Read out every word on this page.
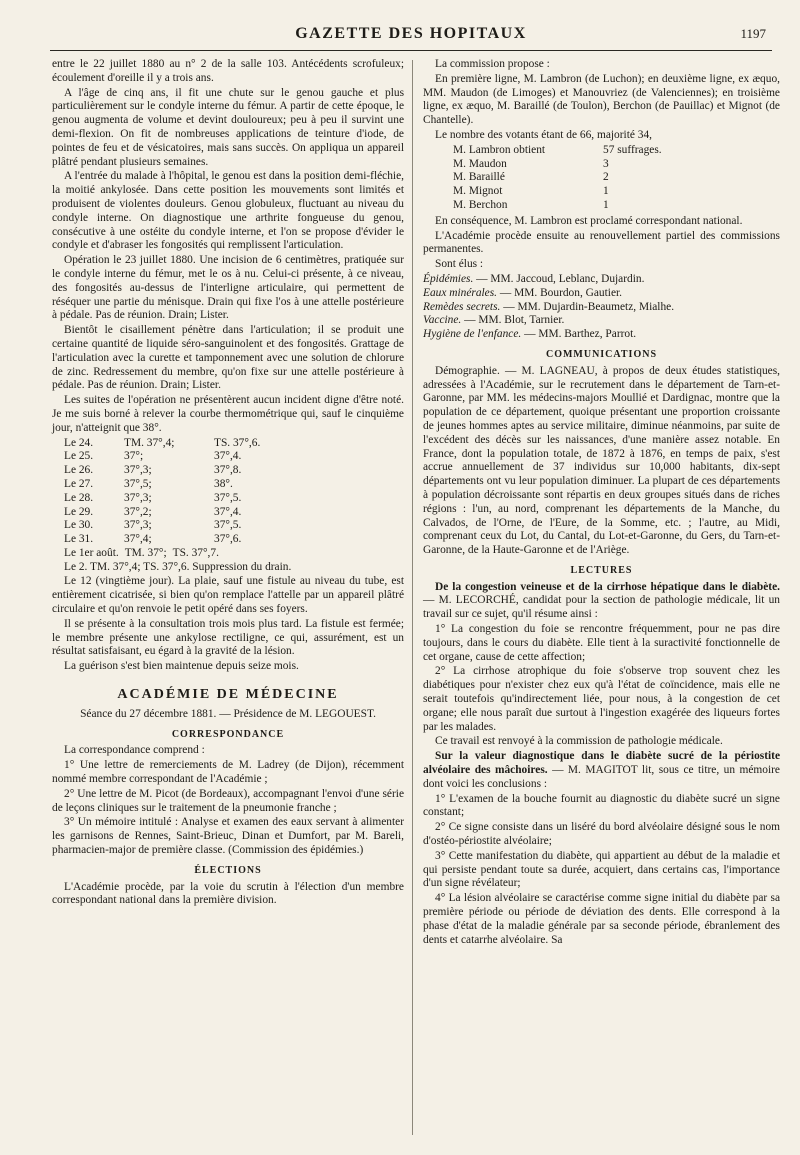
GAZETTE DES HOPITAUX	1197

entre le 22 juillet 1880 au n° 2 de la salle 103. Antécédents scrofuleux; écoulement d'oreille il y a trois ans.

A l'âge de cinq ans, il fit une chute sur le genou gauche et plus particulièrement sur le condyle interne du fémur. A partir de cette époque, le genou augmenta de volume et devint douloureux; peu à peu il survint une demi-flexion. On fit de nombreuses applications de teinture d'iode, de pointes de feu et de vésicatoires, mais sans succès. On appliqua un appareil plâtré pendant plusieurs semaines.

A l'entrée du malade à l'hôpital, le genou est dans la position demi-fléchie, la moitié ankylosée. Dans cette position les mouvements sont limités et produisent de violentes douleurs. Genou globuleux, fluctuant au niveau du condyle interne. On diagnostique une arthrite fongueuse du genou, consécutive à une ostéite du condyle interne, et l'on se propose d'évider le condyle et d'abraser les fongosités qui remplissent l'articulation.

Opération le 23 juillet 1880. Une incision de 6 centimètres, pratiquée sur le condyle interne du fémur, met le os à nu. Celui-ci présente, à ce niveau, des fongosités au-dessus de l'interligne articulaire, qui permettent de réséquer une partie du ménisque. Drain qui fixe l'os à une attelle postérieure à pédale. Pas de réunion. Drain; Lister.

Bientôt le cisaillement pénètre dans l'articulation; il se produit une certaine quantité de liquide séro-sanguinolent et des fongosités. Grattage de l'articulation avec la curette et tamponnement avec une solution de chlorure de zinc. Redressement du membre, qu'on fixe sur une attelle postérieure à pédale. Pas de réunion. Drain; Lister.

Les suites de l'opération ne présentèrent aucun incident digne d'être noté. Je me suis borné à relever la courbe thermométrique qui, sauf le cinquième jour, n'atteignit que 38°.

Le 24.	TM. 37°,4;	TS. 37°,6.
Le 25.	37°;	37°,4.
Le 26.	37°,3;	37°,8.
Le 27.	37°,5;	38°.
Le 28.	37°,3;	37°,5.
Le 29.	37°,2;	37°,4.
Le 30.	37°,3;	37°,5.
Le 31.	37°,4;	37°,6.
Le 1er août. TM. 37°; TS. 37°,7.

Le 2. TM. 37°,4; TS. 37°,6. Suppression du drain.

Le 12 (vingtième jour). La plaie, sauf une fistule au niveau du tube, est entièrement cicatrisée, si bien qu'on remplace l'attelle par un appareil plâtré circulaire et qu'on renvoie le petit opéré dans ses foyers.

Il se présente à la consultation trois mois plus tard. La fistule est fermée; le membre présente une ankylose rectiligne, ce qui, assurément, est un résultat satisfaisant, eu égard à la gravité de la lésion.

La guérison s'est bien maintenue depuis seize mois.

ACADÉMIE DE MÉDECINE
Séance du 27 décembre 1881. — Présidence de M. LEGOUEST.
CORRESPONDANCE

La correspondance comprend :

1° Une lettre de remerciements de M. Ladrey (de Dijon), récemment nommé membre correspondant de l'Académie ;

2° Une lettre de M. Picot (de Bordeaux), accompagnant l'envoi d'une série de leçons cliniques sur le traitement de la pneumonie franche ;

3° Un mémoire intitulé : Analyse et examen des eaux servant à alimenter les garnisons de Rennes, Saint-Brieuc, Dinan et Dumfort, par M. Bareli, pharmacien-major de première classe. (Commission des épidémies.)

ÉLECTIONS

L'Académie procède, par la voie du scrutin à l'élection d'un membre correspondant national dans la première division.

La commission propose :

En première ligne, M. Lambron (de Luchon); en deuxième ligne, ex æquo, MM. Maudon (de Limoges) et Manouvriez (de Valenciennes); en troisième ligne, ex æquo, M. Baraillé (de Toulon), Berchon (de Pauillac) et Mignot (de Chantelle).

Le nombre des votants étant de 66, majorité 34,

M. Lambron obtient	57 suffrages.
M. Maudon	3
M. Baraillé	2
M. Mignot	1
M. Berchon	1

En conséquence, M. Lambron est proclamé correspondant national.

L'Académie procède ensuite au renouvellement partiel des commissions permanentes.

Sont élus :

Épidémies. — MM. Jaccoud, Leblanc, Dujardin.
Eaux minérales. — MM. Bourdon, Gautier.
Remèdes secrets. — MM. Dujardin-Beaumetz, Mialhe.
Vaccine. — MM. Blot, Tarnier.
Hygiène de l'enfance. — MM. Barthez, Parrot.
COMMUNICATIONS

Démographie. — M. LAGNEAU, à propos de deux études statistiques, adressées à l'Académie, sur le recrutement dans le département de Tarn-et-Garonne, par MM. les médecins-majors Moullié et Dardignac, montre que la population de ce département, quoique présentant une proportion croissante de jeunes hommes aptes au service militaire, diminue néanmoins, par suite de l'excédent des décès sur les naissances, d'une manière assez notable. En France, dont la population totale, de 1872 à 1876, en temps de paix, s'est accrue annuellement de 37 individus sur 10,000 habitants, dix-sept départements ont vu leur population diminuer. La plupart de ces départements à population décroissante sont répartis en deux groupes situés dans de riches régions : l'un, au nord, comprenant les départements de la Manche, du Calvados, de l'Orne, de l'Eure, de la Somme, etc. ; l'autre, au Midi, comprenant ceux du Lot, du Cantal, du Lot-et-Garonne, du Gers, du Tarn-et-Garonne, de la Haute-Garonne et de l'Ariège.

LECTURES

De la congestion veineuse et de la cirrhose hépatique dans le diabète. — M. LECORCHÉ, candidat pour la section de pathologie médicale, lit un travail sur ce sujet, qu'il résume ainsi :

1° La congestion du foie se rencontre fréquemment, pour ne pas dire toujours, dans le cours du diabète. Elle tient à la suractivité fonctionnelle de cet organe, cause de cette affection;

2° La cirrhose atrophique du foie s'observe trop souvent chez les diabétiques pour n'exister chez eux qu'à l'état de coïncidence, mais elle ne serait toutefois qu'indirectement liée, pour nous, à la congestion de cet organe; elle nous paraît due surtout à l'ingestion exagérée des liqueurs fortes par les malades.

Ce travail est renvoyé à la commission de pathologie médicale.

Sur la valeur diagnostique dans le diabète sucré de la périostite alvéolaire des mâchoires. — M. MAGITOT lit, sous ce titre, un mémoire dont voici les conclusions :

1° L'examen de la bouche fournit au diagnostic du diabète sucré un signe constant;

2° Ce signe consiste dans un liséré du bord alvéolaire désigné sous le nom d'ostéo-périostite alvéolaire;

3° Cette manifestation du diabète, qui appartient au début de la maladie et qui persiste pendant toute sa durée, acquiert, dans certains cas, l'importance d'un signe révélateur;

4° La lésion alvéolaire se caractérise comme signe initial du diabète par sa première période ou période de déviation des dents. Elle correspond à la phase d'état de la maladie générale par sa seconde période, ébranlement des dents et catarrhe alvéolaire. Sa
